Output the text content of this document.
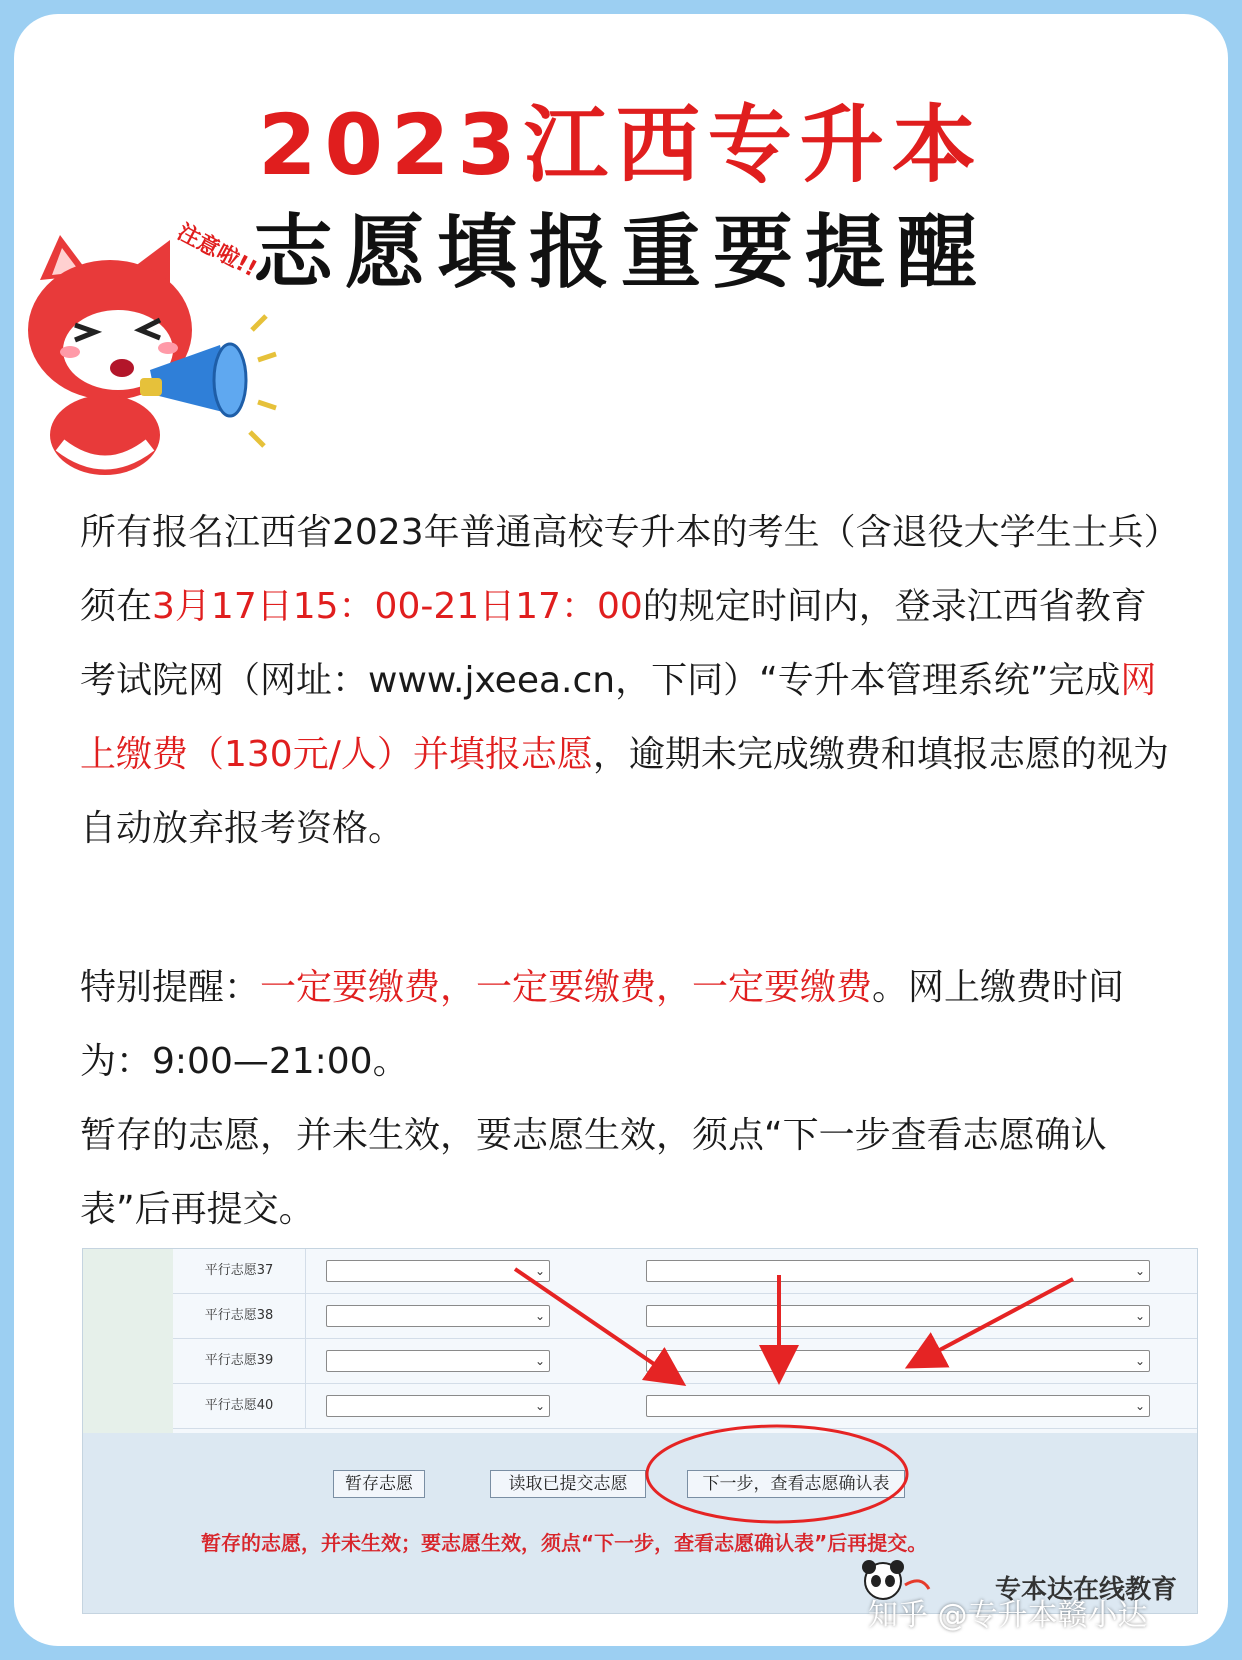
2023江西专升本
志愿填报重要提醒
注意啦!!
所有报名江西省2023年普通高校专升本的考生（含退役大学生士兵）须在3月17日15：00-21日17：00的规定时间内，登录江西省教育考试院网（网址：www.jxeea.cn，下同）“专升本管理系统”完成网上缴费（130元/人）并填报志愿，逾期未完成缴费和填报志愿的视为自动放弃报考资格。
特别提醒：一定要缴费，一定要缴费，一定要缴费。网上缴费时间为：9:00—21:00。
暂存的志愿，并未生效，要志愿生效，须点“下一步查看志愿确认表”后再提交。
平行志愿37	⌄	⌄
平行志愿38	⌄	⌄
平行志愿39	⌄	⌄
平行志愿40	⌄	⌄
暂存志愿	读取已提交志愿	下一步，查看志愿确认表
暂存的志愿，并未生效；要志愿生效，须点“下一步，查看志愿确认表”后再提交。
专本达在线教育
知乎 @专升本赣小达
